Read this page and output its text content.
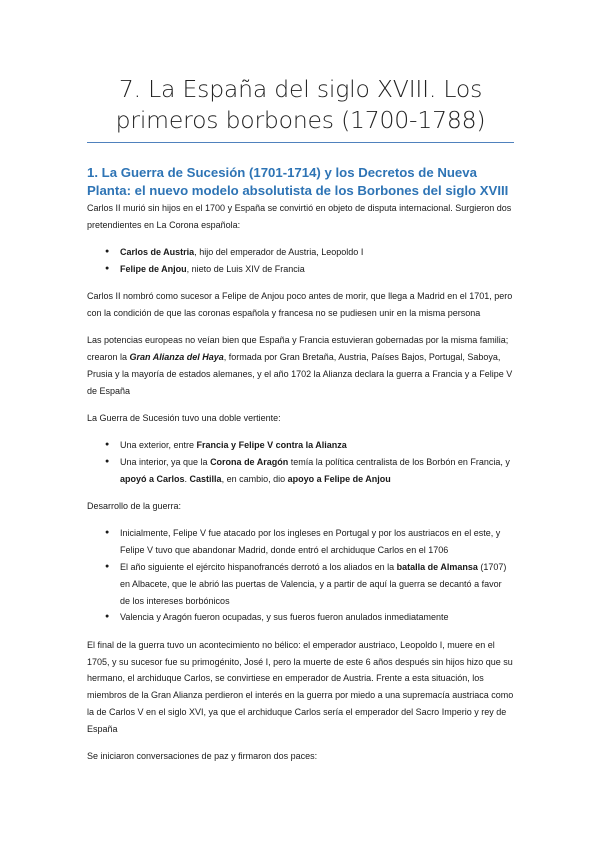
7. La España del siglo XVIII. Los primeros borbones (1700-1788)
1. La Guerra de Sucesión (1701-1714) y los Decretos de Nueva Planta: el nuevo modelo absolutista de los Borbones del siglo XVIII

Carlos II murió sin hijos en el 1700 y España se convirtió en objeto de disputa internacional. Surgieron dos pretendientes en La Corona española:

● Carlos de Austria, hijo del emperador de Austria, Leopoldo I
● Felipe de Anjou, nieto de Luis XIV de Francia

Carlos II nombró como sucesor a Felipe de Anjou poco antes de morir, que llega a Madrid en el 1701, pero con la condición de que las coronas española y francesa no se pudiesen unir en la misma persona

Las potencias europeas no veían bien que España y Francia estuvieran gobernadas por la misma familia; crearon la Gran Alianza del Haya, formada por Gran Bretaña, Austria, Países Bajos, Portugal, Saboya, Prusia y la mayoría de estados alemanes, y el año 1702 la Alianza declara la guerra a Francia y a Felipe V de España

La Guerra de Sucesión tuvo una doble vertiente:

● Una exterior, entre Francia y Felipe V contra la Alianza
● Una interior, ya que la Corona de Aragón temía la política centralista de los Borbón en Francia, y apoyó a Carlos. Castilla, en cambio, dio apoyo a Felipe de Anjou

Desarrollo de la guerra:

● Inicialmente, Felipe V fue atacado por los ingleses en Portugal y por los austriacos en el este, y Felipe V tuvo que abandonar Madrid, donde entró el archiduque Carlos en el 1706
● El año siguiente el ejército hispanofrancés derrotó a los aliados en la batalla de Almansa (1707) en Albacete, que le abrió las puertas de Valencia, y a partir de aquí la guerra se decantó a favor de los intereses borbónicos
● Valencia y Aragón fueron ocupadas, y sus fueros fueron anulados inmediatamente

El final de la guerra tuvo un acontecimiento no bélico: el emperador austriaco, Leopoldo I, muere en el 1705, y su sucesor fue su primogénito, José I, pero la muerte de este 6 años después sin hijos hizo que su hermano, el archiduque Carlos, se convirtiese en emperador de Austria. Frente a esta situación, los miembros de la Gran Alianza perdieron el interés en la guerra por miedo a una supremacía austriaca como la de Carlos V en el siglo XVI, ya que el archiduque Carlos sería el emperador del Sacro Imperio y rey de España

Se iniciaron conversaciones de paz y firmaron dos paces:
